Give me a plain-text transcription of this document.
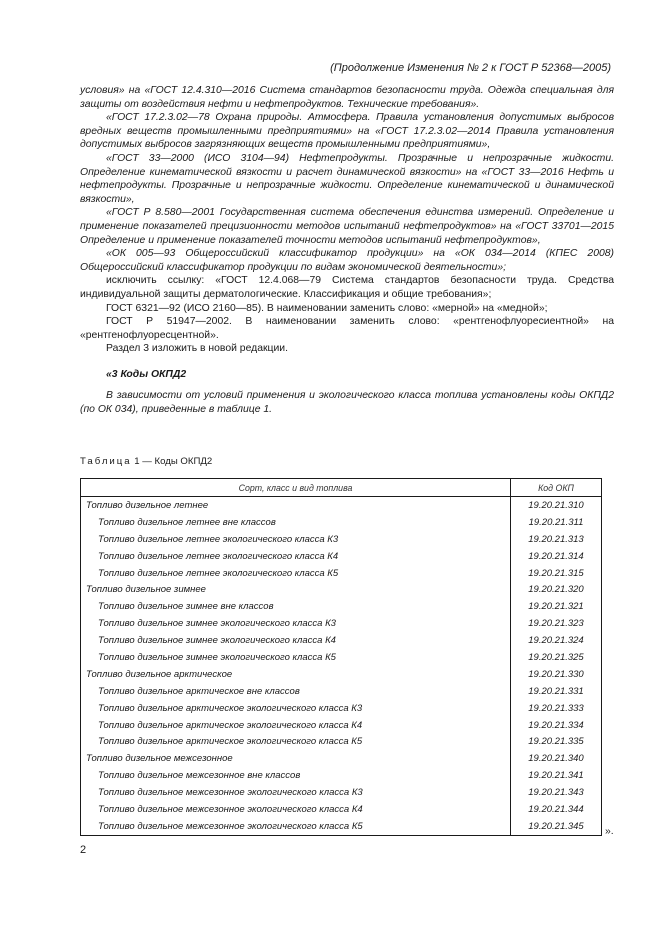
(Продолжение Изменения № 2 к ГОСТ Р 52368—2005)

условия» на «ГОСТ 12.4.310—2016 Система стандартов безопасности труда. Одежда специальная для защиты от воздействия нефти и нефтепродуктов. Технические требования».

«ГОСТ 17.2.3.02—78 Охрана природы. Атмосфера. Правила установления допустимых выбросов вредных веществ промышленными предприятиями» на «ГОСТ 17.2.3.02—2014 Правила установления допустимых выбросов загрязняющих веществ промышленными предприятиями»,

«ГОСТ 33—2000 (ИСО 3104—94) Нефтепродукты. Прозрачные и непрозрачные жидкости. Определение кинематической вязкости и расчет динамической вязкости» на «ГОСТ 33—2016 Нефть и нефтепродукты. Прозрачные и непрозрачные жидкости. Определение кинематической и динамической вязкости»,

«ГОСТ Р 8.580—2001 Государственная система обеспечения единства измерений. Определение и применение показателей прецизионности методов испытаний нефтепродуктов» на «ГОСТ 33701—2015 Определение и применение показателей точности методов испытаний нефтепродуктов»,

«ОК 005—93 Общероссийский классификатор продукции» на «ОК 034—2014 (КПЕС 2008) Общероссийский классификатор продукции по видам экономической деятельности»;

исключить ссылку: «ГОСТ 12.4.068—79 Система стандартов безопасности труда. Средства индивидуальной защиты дерматологические. Классификация и общие требования»;

ГОСТ 6321—92 (ИСО 2160—85). В наименовании заменить слово: «мерной» на «медной»;

ГОСТ Р 51947—2002. В наименовании заменить слово: «рентгенофлуоресиентной» на «рентгенофлуоресцентной».

Раздел 3 изложить в новой редакции.

«3 Коды ОКПД2

В зависимости от условий применения и экологического класса топлива установлены коды ОКПД2 (по ОК 034), приведенные в таблице 1.

Таблица 1 — Коды ОКПД2
Сорт, класс и вид топлива	Код ОКП
Топливо дизельное летнее	19.20.21.310
Топливо дизельное летнее вне классов	19.20.21.311
Топливо дизельное летнее экологического класса К3	19.20.21.313
Топливо дизельное летнее экологического класса К4	19.20.21.314
Топливо дизельное летнее экологического класса К5	19.20.21.315
Топливо дизельное зимнее	19.20.21.320
Топливо дизельное зимнее вне классов	19.20.21.321
Топливо дизельное зимнее экологического класса К3	19.20.21.323
Топливо дизельное зимнее экологического класса К4	19.20.21.324
Топливо дизельное зимнее экологического класса К5	19.20.21.325
Топливо дизельное арктическое	19.20.21.330
Топливо дизельное арктическое вне классов	19.20.21.331
Топливо дизельное арктическое экологического класса К3	19.20.21.333
Топливо дизельное арктическое экологического класса К4	19.20.21.334
Топливо дизельное арктическое экологического класса К5	19.20.21.335
Топливо дизельное межсезонное	19.20.21.340
Топливо дизельное межсезонное вне классов	19.20.21.341
Топливо дизельное межсезонное экологического класса К3	19.20.21.343
Топливо дизельное межсезонное экологического класса К4	19.20.21.344
Топливо дизельное межсезонное экологического класса К5	19.20.21.345 ».
2
